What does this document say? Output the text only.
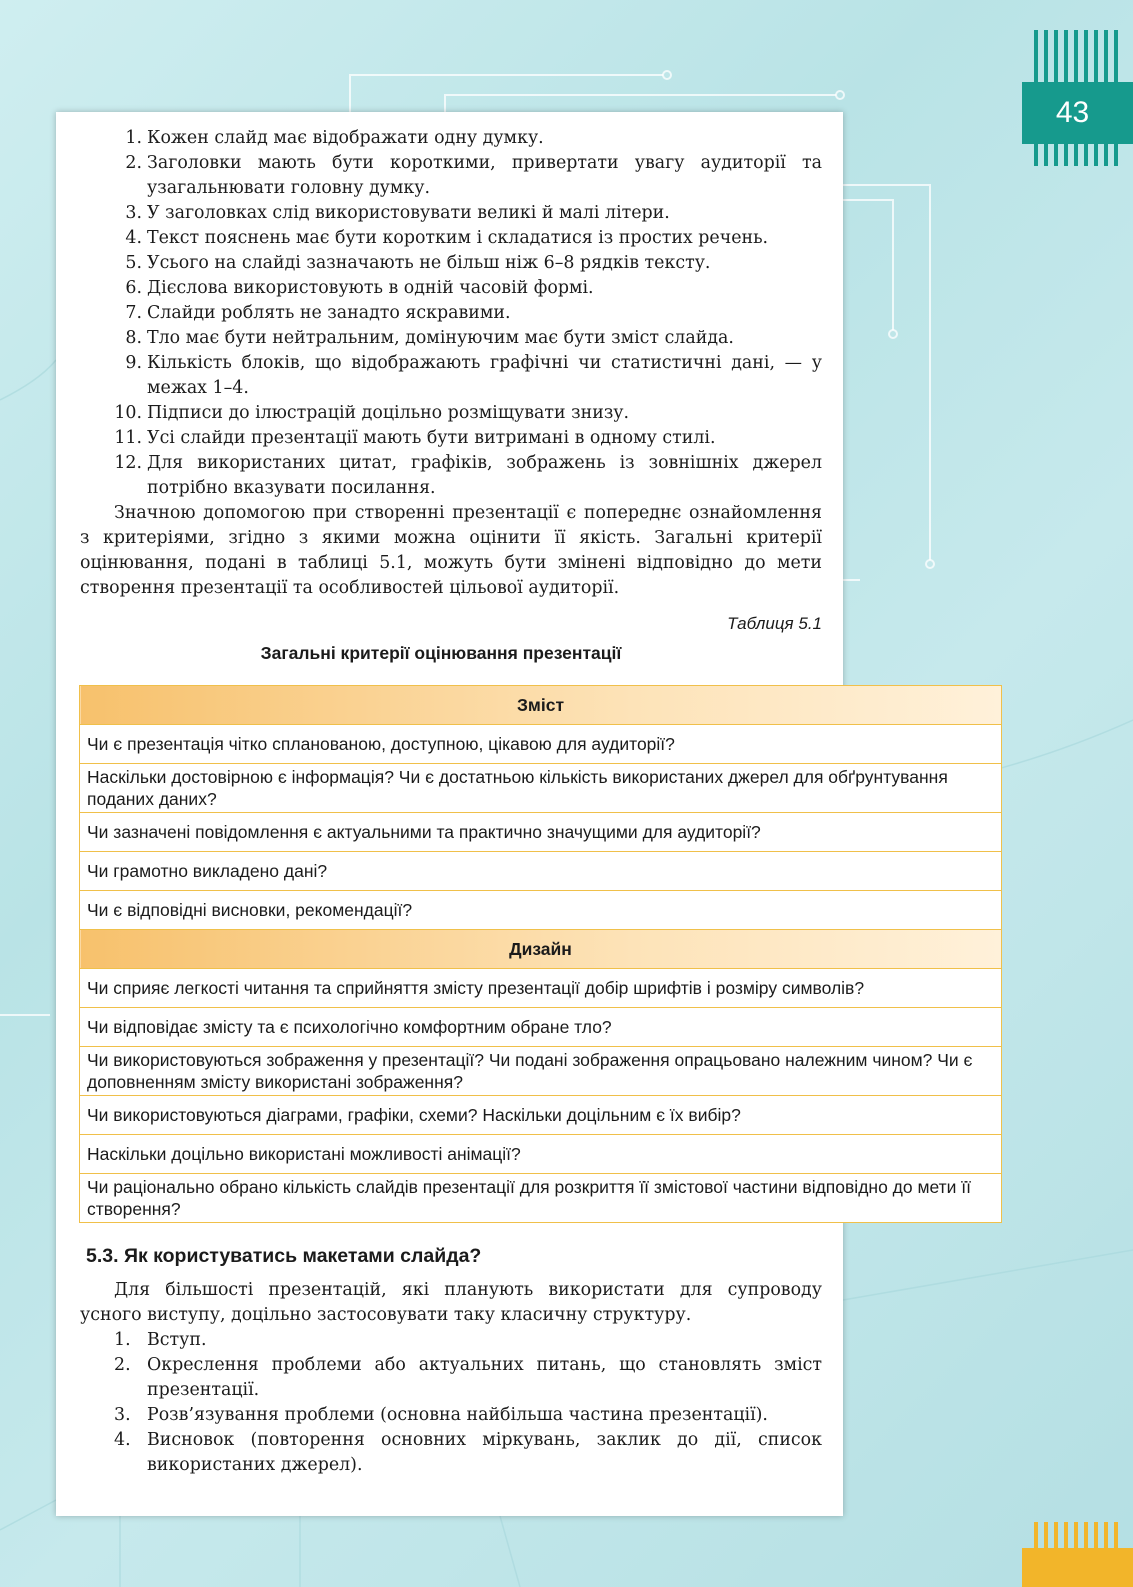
43
1. Кожен слайд має відображати одну думку.
2. Заголовки мають бути короткими, привертати увагу аудиторії та узагальнювати головну думку.
3. У заголовках слід використовувати великі й малі літери.
4. Текст пояснень має бути коротким і складатися із простих речень.
5. Усього на слайді зазначають не більш ніж 6–8 рядків тексту.
6. Дієслова використовують в одній часовій формі.
7. Слайди роблять не занадто яскравими.
8. Тло має бути нейтральним, домінуючим має бути зміст слайда.
9. Кількість блоків, що відображають графічні чи статистичні дані, — у межах 1–4.
10. Підписи до ілюстрацій доцільно розміщувати знизу.
11. Усі слайди презентації мають бути витримані в одному стилі.
12. Для використаних цитат, графіків, зображень із зовнішніх джерел потрібно вказувати посилання.

Значною допомогою при створенні презентації є попереднє ознайомлення з критеріями, згідно з якими можна оцінити її якість. Загальні критерії оцінювання, подані в таблиці 5.1, можуть бути змінені відповідно до мети створення презентації та особливостей цільової аудиторії.

Таблиця 5.1
Загальні критерії оцінювання презентації
Зміст
Чи є презентація чітко спланованою, доступною, цікавою для аудиторії?
Наскільки достовірною є інформація? Чи є достатньою кількість використаних джерел для обґрунтування поданих даних?
Чи зазначені повідомлення є актуальними та практично значущими для аудиторії?
Чи грамотно викладено дані?
Чи є відповідні висновки, рекомендації?
Дизайн
Чи сприяє легкості читання та сприйняття змісту презентації добір шрифтів і розміру символів?
Чи відповідає змісту та є психологічно комфортним обране тло?
Чи використовуються зображення у презентації? Чи подані зображення опрацьовано належним чином? Чи є доповненням змісту використані зображення?
Чи використовуються діаграми, графіки, схеми? Наскільки доцільним є їх вибір?
Наскільки доцільно використані можливості анімації?
Чи раціонально обрано кількість слайдів презентації для розкриття її змістової частини відповідно до мети її створення?
5.3. Як користуватись макетами слайда?

Для більшості презентацій, які планують використати для супроводу усного виступу, доцільно застосовувати таку класичну структуру.

1. Вступ.
2. Окреслення проблеми або актуальних питань, що становлять зміст презентації.
3. Розв’язування проблеми (основна найбільша частина презентації).
4. Висновок (повторення основних міркувань, заклик до дії, список використаних джерел).
